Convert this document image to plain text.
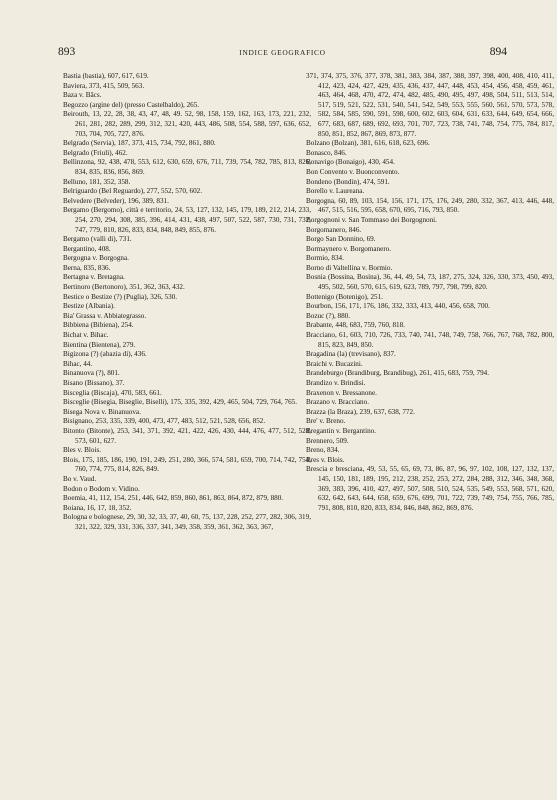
893	INDICE GEOGRAFICO	894

Bastia (bastia), 607, 617, 619.

Baviera, 373, 415, 509, 563.

Baza v. Bâcs.

Begozzo (argine del) (presso Castelbaldo), 265.

Beirouth, 13, 22, 28, 38, 43, 47, 48, 49. 52, 98, 158, 159, 162, 163, 173, 221, 232, 261, 281, 282, 289, 299, 312, 321, 420, 443, 486, 508, 554, 588, 597, 636, 652, 703, 704, 705, 727, 876.

Belgrado (Servia), 187, 373, 415, 734, 792, 861, 880.

Belgrado (Friuli), 462.

Bellinzona, 92, 438, 478, 553, 612, 630, 659, 676, 711, 739, 754, 782, 785, 813, 826, 834, 835, 836, 856, 869.

Belluno, 181, 352, 358.

Belriguardo (Bel Reguardo), 277, 552, 570, 602.

Belvedere (Belveder), 196, 389, 831.

Bergamo (Bergomo), città e territorio, 24, 53, 127, 132, 145, 179, 189, 212, 214, 233, 254, 270, 294, 308, 385, 396, 414, 431, 438, 497, 507, 522, 587, 730, 731, 732, 747, 779, 810, 826, 833, 834, 848, 849, 855, 876.

Bergamo (valli di), 731.

Bergantino, 408.

Bergogna v. Borgogna.

Berna, 835, 836.

Bertagna v. Bretagna.

Bertinoro (Bertonoro), 351, 362, 363, 432.

Bestice o Bestize (?) (Puglia), 326, 530.

Bestize (Albania).

Bia' Grassa v. Abbiategrasso.

Bibbiena (Bibiena), 254.

Bichat v. Bihac.

Bientina (Bientena), 279.

Bigizona (?) (abazia di), 436.

Bihac, 44.

Binanuova (?), 801.

Bisano (Bissano), 37.

Bisceglia (Biscaja), 470, 583, 661.

Bisceglie (Bisegia, Biseglie, Biselli), 175, 335, 392, 429, 465, 504, 729, 764, 765.

Bisega Nova v. Binanuova.

Bisignano, 253, 335, 339, 400, 473, 477, 483, 512, 521, 528, 656, 852.

Bitonto (Bitonte), 253, 341, 371, 392, 421, 422, 426, 430, 444, 476, 477, 512, 528, 573, 601, 627.

Bles v. Blois.

Blois, 175, 185, 186, 190, 191, 249, 251, 280, 366, 574, 581, 659, 700, 714, 742, 754, 760, 774, 775, 814, 826, 849.

Bo v. Vaud.

Bodon o Bodom v. Vidino.

Boemia, 41, 112, 154, 251, 446, 642, 859, 860, 861, 863, 864, 872, 879, 880.

Boiana, 16, 17, 18, 352.

Bologna e bolognese, 29, 30, 32, 33, 37, 40, 60, 75, 137, 228, 252, 277, 282, 306, 319, 321, 322, 329, 331, 336, 337, 341, 349, 358, 359, 361, 362, 363, 367,

371, 374, 375, 376, 377, 378, 381, 383, 384, 387, 388, 397, 398, 400, 408, 410, 411, 412, 423, 424, 427, 429, 435, 436, 437, 447, 448, 453, 454, 456, 458, 459, 461, 463, 464, 468, 470, 472, 474, 482, 485, 490, 495, 497, 498, 504, 511, 513, 514, 517, 519, 521, 522, 531, 540, 541, 542, 549, 553, 555, 560, 561, 570, 573, 578, 582, 584, 585, 590, 591, 598, 600, 602, 603, 604, 631, 633, 644, 649, 654, 666, 677, 683, 687, 689, 692, 693, 701, 707, 723, 738, 741, 748, 754, 775, 784, 817, 850, 851, 852, 867, 869, 873, 877.

Bolzano (Bolzan), 381, 616, 618, 623, 696.

Bonasco, 846.

Bonavigo (Bonaigo), 430, 454.

Bon Convento v. Buonconvento.

Bondeno (Bondin), 474, 591.

Borello v. Laureana.

Borgogna, 60, 89, 103, 154, 156, 171, 175, 176, 249, 280, 332, 367, 413, 446, 448, 467, 515, 516, 595, 658, 670, 695, 716, 793, 850.

Borgognoni v. San Tommaso dei Borgognoni.

Borgomanero, 846.

Borgo San Donnino, 69.

Bormaynero v. Borgomanero.

Bormio, 834.

Borno di Valtellina v. Bormio.

Bosnia (Bossina, Bosina), 36, 44, 49, 54, 73, 187, 275, 324, 326, 330, 373, 450, 493, 495, 502, 560, 570, 615, 619, 623, 789, 797, 798, 799, 820.

Bottenigo (Botenigo), 251.

Bourbon, 156, 171, 176, 186, 332, 333, 413, 440, 456, 658, 700.

Bozuc (?), 880.

Brabante, 448, 683, 759, 760, 818.

Bracciano, 61, 603, 710, 726, 733, 740, 741, 748, 749, 758, 766, 767, 768, 782, 800, 815, 823, 849, 850.

Bragadina (la) (trevisano), 837.

Braichi v. Bucazini.

Brandeburgo (Brandiburg, Brandibug), 261, 415, 683, 759, 794.

Brandizo v. Brindisi.

Braxenon v. Bressanone.

Brazano v. Bracciano.

Brazza (la Braza), 239, 637, 638, 772.

Bre' v. Breno.

Bregantin v. Bergantino.

Brennero, 509.

Breno, 834.

Bres v. Blois.

Brescia e bresciana, 49, 53, 55, 65, 69, 73, 86, 87, 96, 97, 102, 108, 127, 132, 137, 145, 150, 181, 189, 195, 212, 238, 252, 253, 272, 284, 288, 312, 346, 348, 368, 369, 383, 396, 410, 427, 497, 507, 508, 510, 524, 535, 549, 553, 568, 571, 620, 632, 642, 643, 644, 658, 659, 676, 699, 701, 722, 739, 749, 754, 755, 766, 785, 791, 808, 810, 820, 833, 834, 846, 848, 862, 869, 876.
